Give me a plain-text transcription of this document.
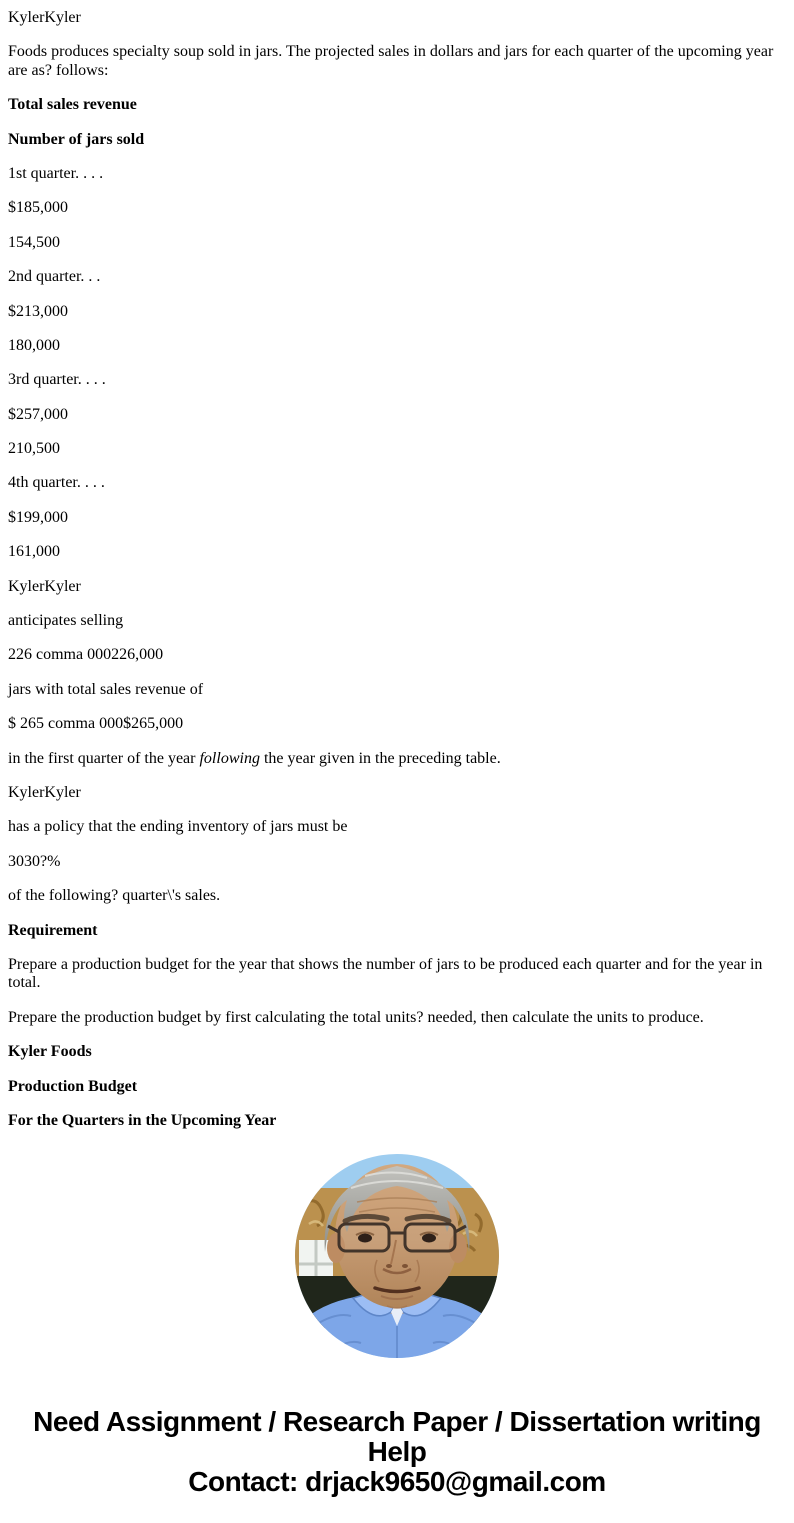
KylerKyler

Foods produces specialty soup sold in jars. The projected sales in dollars and jars for each quarter of the upcoming year are as? follows:

Total sales revenue

Number of jars sold

1st quarter. . . .

$185,000

154,500

2nd quarter. . .

$213,000

180,000

3rd quarter. . . .

$257,000

210,500

4th quarter. . . .

$199,000

161,000

KylerKyler

anticipates selling

226 comma 000226,000

jars with total sales revenue of

$ 265 comma 000$265,000

in the first quarter of the year following the year given in the preceding table.

KylerKyler

has a policy that the ending inventory of jars must be

3030?%

of the following? quarter\'s sales.

Requirement

Prepare a production budget for the year that shows the number of jars to be produced each quarter and for the year in total.

Prepare the production budget by first calculating the total units? needed, then calculate the units to produce.

Kyler Foods

Production Budget

For the Quarters in the Upcoming Year

Need Assignment / Research Paper / Dissertation writing Help
Contact: drjack9650@gmail.com
